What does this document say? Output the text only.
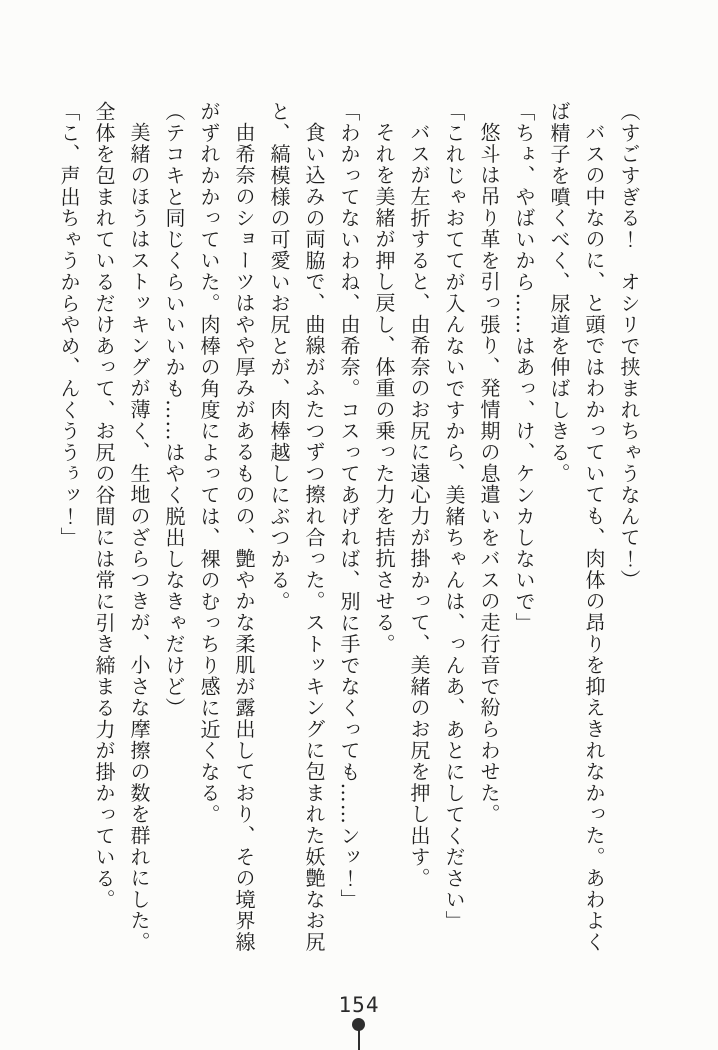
（すごすぎる！　オシリで挟まれちゃうなんて！）
バスの中なのに、と頭ではわかっていても、肉体の昂りを抑えきれなかった。あわよく
ば精子を噴くべく、尿道を伸ばしきる。
「ちょ、やばいから……はあっ、け、ケンカしないで」
悠斗は吊り革を引っ張り、発情期の息遣いをバスの走行音で紛らわせた。
「これじゃおててが入んないですから、美緒ちゃんは、っんあ、あとにしてください」
バスが左折すると、由希奈のお尻に遠心力が掛かって、美緒のお尻を押し出す。
それを美緒が押し戻し、体重の乗った力を拮抗させる。
「わかってないわね、由希奈。コスってあげれば、別に手でなくっても……ンッ！」
食い込みの両脇で、曲線がふたつずつ擦れ合った。ストッキングに包まれた妖艶なお尻
と、縞模様の可愛いお尻とが、肉棒越しにぶつかる。
由希奈のショーツはやや厚みがあるものの、艶やかな柔肌が露出しており、その境界線
がずれかかっていた。肉棒の角度によっては、裸のむっちり感に近くなる。
（テコキと同じくらいいいかも……はやく脱出しなきゃだけど）
美緒のほうはストッキングが薄く、生地のざらつきが、小さな摩擦の数を群れにした。
全体を包まれているだけあって、お尻の谷間には常に引き締まる力が掛かっている。
「こ、声出ちゃうからやめ、んくううぅッ！」
154
